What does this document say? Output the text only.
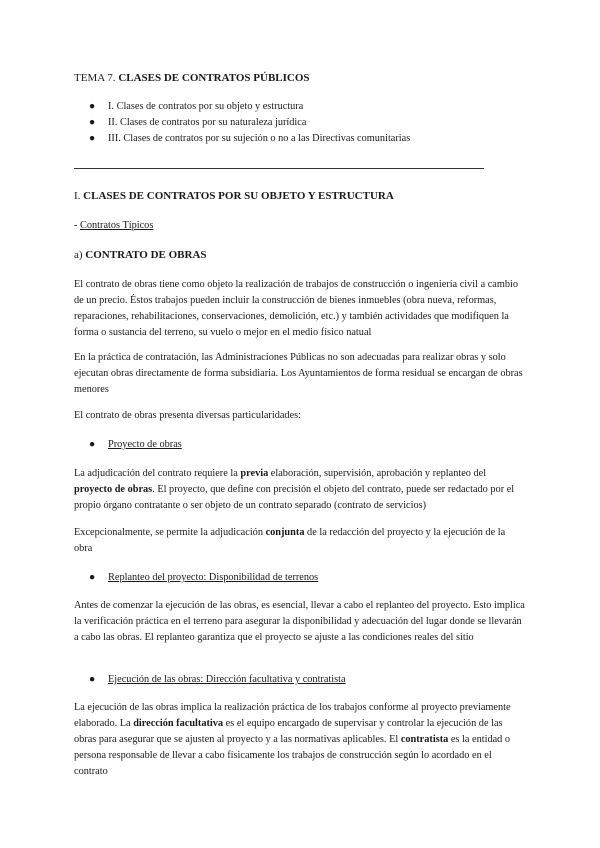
TEMA 7. CLASES DE CONTRATOS PÚBLICOS
● I. Clases de contratos por su objeto y estructura
● II. Clases de contratos por su naturaleza jurídica
● III. Clases de contratos por su sujeción o no a las Directivas comunitarias
I. CLASES DE CONTRATOS POR SU OBJETO Y ESTRUCTURA
- Contratos Típicos
a) CONTRATO DE OBRAS

El contrato de obras tiene como objeto la realización de trabajos de construcción o ingeniería civil a cambio de un precio. Éstos trabajos pueden incluir la construcción de bienes inmuebles (obra nueva, reformas, reparaciones, rehabilitaciones, conservaciones, demolición, etc.) y también actividades que modifiquen la forma o sustancia del terreno, su vuelo o mejor en el medio físico natual

En la práctica de contratación, las Administraciones Públicas no son adecuadas para realizar obras y solo ejecutan obras directamente de forma subsidiaria. Los Ayuntamientos de forma residual se encargan de obras menores

El contrato de obras presenta diversas particularidades:

● Proyecto de obras

La adjudicación del contrato requiere la previa elaboración, supervisión, aprobación y replanteo del proyecto de obras. El proyecto, que define con precisión el objeto del contrato, puede ser redactado por el propio órgano contratante o ser objeto de un contrato separado (contrato de servicios)

Excepcionalmente, se permite la adjudicación conjunta de la redacción del proyecto y la ejecución de la obra

● Replanteo del proyecto: Disponibilidad de terrenos

Antes de comenzar la ejecución de las obras, es esencial, llevar a cabo el replanteo del proyecto. Esto implica la verificación práctica en el terreno para asegurar la disponibilidad y adecuación del lugar donde se llevarán a cabo las obras. El replanteo garantiza que el proyecto se ajuste a las condiciones reales del sitio

● Ejecución de las obras: Dirección facultativa y contratista

La ejecución de las obras implica la realización práctica de los trabajos conforme al proyecto previamente elaborado. La dirección facultativa es el equipo encargado de supervisar y controlar la ejecución de las obras para asegurar que se ajusten al proyecto y a las normativas aplicables. El contratista es la entidad o persona responsable de llevar a cabo físicamente los trabajos de construcción según lo acordado en el contrato
